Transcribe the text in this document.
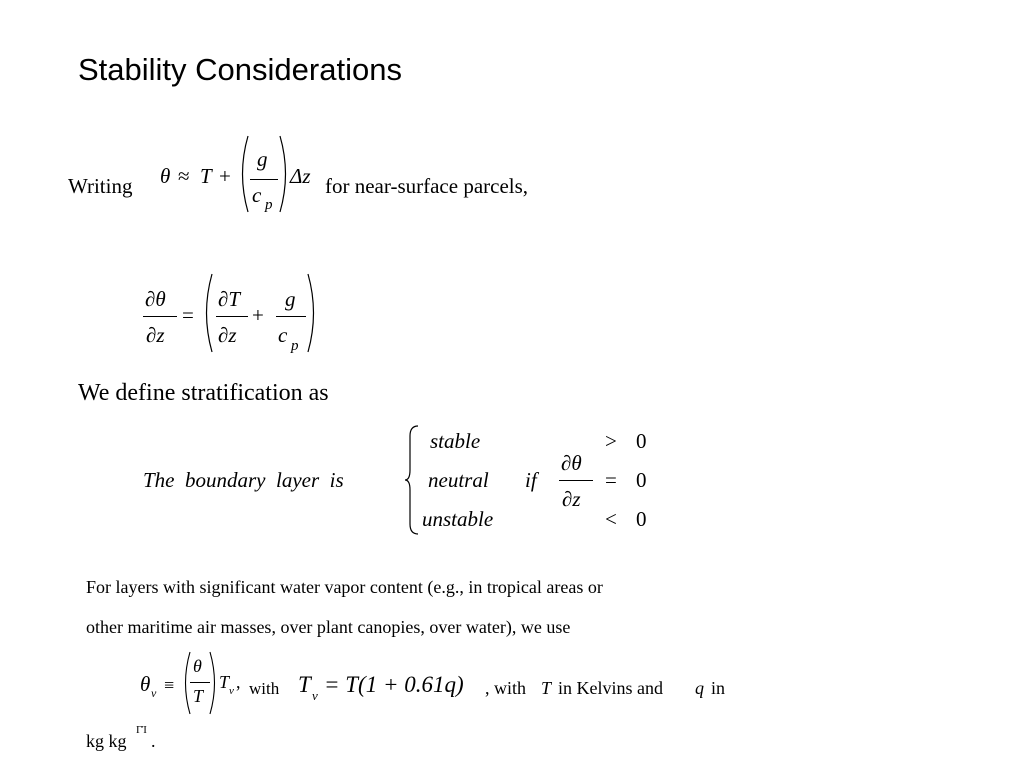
Stability Considerations
Writing θ ≈ T +
g
c p
Δz for near-surface parcels,
∂θ
∂z
=
∂T
∂z
+
g
c p
We define stratification as
The  boundary  layer  is
stable
neutral
unstable
if
∂θ
∂z
>
=
<
0
0
0
For layers with significant water vapor content (e.g., in tropical areas or
other maritime air masses, over plant canopies, over water), we use
θ v ≡
θ
T
T v , with T v = T(1 + 0.61q) , with T in Kelvins and q in
kg kg
ΓΊ
.
